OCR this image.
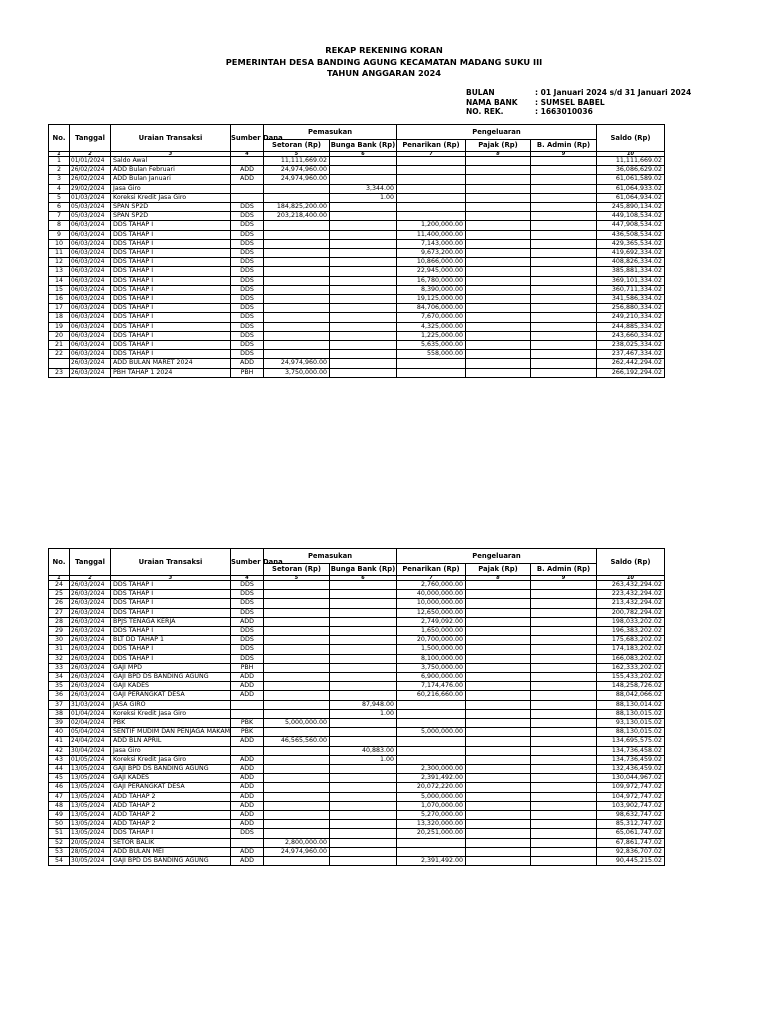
REKAP REKENING KORAN
PEMERINTAH DESA BANDING AGUNG KECAMATAN MADANG SUKU III
TAHUN ANGGARAN 2024
BULAN	: 01 Januari 2024 s/d 31 Januari 2024
NAMA BANK	: SUMSEL BABEL
NO. REK.	: 1663010036
No.	Tanggal	Uraian Transaksi	Sumber Dana	Pemasukan		Pengeluaran			Saldo (Rp)
				Setoran (Rp)	Bunga Bank (Rp)	Penarikan (Rp)	Pajak (Rp)	B. Admin (Rp)	
1	2	3	4	5	6	7	8	9	10
1	01/01/2024	Saldo Awal		11,111,669.02					11,111,669.02
2	26/02/2024	ADD Bulan Februari	ADD	24,974,960.00					36,086,629.02
3	26/02/2024	ADD Bulan Januari	ADD	24,974,960.00					61,061,589.02
4	29/02/2024	Jasa Giro			3,344.00				61,064,933.02
5	01/03/2024	Koreksi Kredit Jasa Giro			1.00				61,064,934.02
6	05/03/2024	SPAN SP2D	DDS	184,825,200.00					245,890,134.02
7	05/03/2024	SPAN SP2D	DDS	203,218,400.00					449,108,534.02
8	06/03/2024	DDS TAHAP I	DDS			1,200,000.00			447,908,534.02
9	06/03/2024	DDS TAHAP I	DDS			11,400,000.00			436,508,534.02
10	06/03/2024	DDS TAHAP I	DDS			7,143,000.00			429,365,534.02
11	06/03/2024	DDS TAHAP I	DDS			9,673,200.00			419,692,334.02
12	06/03/2024	DDS TAHAP I	DDS			10,866,000.00			408,826,334.02
13	06/03/2024	DDS TAHAP I	DDS			22,945,000.00			385,881,334.02
14	06/03/2024	DDS TAHAP I	DDS			16,780,000.00			369,101,334.02
15	06/03/2024	DDS TAHAP I	DDS			8,390,000.00			360,711,334.02
16	06/03/2024	DDS TAHAP I	DDS			19,125,000.00			341,586,334.02
17	06/03/2024	DDS TAHAP I	DDS			84,706,000.00			256,880,334.02
18	06/03/2024	DDS TAHAP I	DDS			7,670,000.00			249,210,334.02
19	06/03/2024	DDS TAHAP I	DDS			4,325,000.00			244,885,334.02
20	06/03/2024	DDS TAHAP I	DDS			1,225,000.00			243,660,334.02
21	06/03/2024	DDS TAHAP I	DDS			5,635,000.00			238,025,334.02
22	06/03/2024	DDS TAHAP I	DDS			558,000.00			237,467,334.02
	26/03/2024	ADD BULAN MARET 2024	ADD	24,974,960.00					262,442,294.02
23	26/03/2024	PBH TAHAP 1 2024	PBH	3,750,000.00					266,192,294.02
No.	Tanggal	Uraian Transaksi	Sumber Dana	Pemasukan		Pengeluaran			Saldo (Rp)
				Setoran (Rp)	Bunga Bank (Rp)	Penarikan (Rp)	Pajak (Rp)	B. Admin (Rp)	
1	2	3	4	5	6	7	8	9	10
24	26/03/2024	DDS TAHAP I	DDS			2,760,000.00			263,432,294.02
25	26/03/2024	DDS TAHAP I	DDS			40,000,000.00			223,432,294.02
26	26/03/2024	DDS TAHAP I	DDS			10,000,000.00			213,432,294.02
27	26/03/2024	DDS TAHAP I	DDS			12,650,000.00			200,782,294.02
28	26/03/2024	BPJS TENAGA KERJA	ADD			2,749,092.00			198,033,202.02
29	26/03/2024	DDS TAHAP I	DDS			1,650,000.00			196,383,202.02
30	26/03/2024	BLT DD TAHAP 1	DDS			20,700,000.00			175,683,202.02
31	26/03/2024	DDS TAHAP I	DDS			1,500,000.00			174,183,202.02
32	26/03/2024	DDS TAHAP I	DDS			8,100,000.00			166,083,202.02
33	26/03/2024	GAJI MPD	PBH			3,750,000.00			162,333,202.02
34	26/03/2024	GAJI BPD DS BANDING AGUNG	ADD			6,900,000.00			155,433,202.02
35	26/03/2024	GAJI KADES	ADD			7,174,476.00			148,258,726.02
36	26/03/2024	GAJI PERANGKAT DESA	ADD			60,216,660.00			88,042,066.02
37	31/03/2024	JASA GIRO			87,948.00				88,130,014.02
38	01/04/2024	Koreksi Kredit Jasa Giro			1.00				88,130,015.02
39	02/04/2024	PBK	PBK	5,000,000.00					93,130,015.02
40	05/04/2024	SENTIF MUDIM DAN PENJAGA MAKAM	PBK			5,000,000.00			88,130,015.02
41	24/04/2024	ADD BLN APRIL	ADD	46,565,560.00					134,695,575.02
42	30/04/2024	Jasa Giro			40,883.00				134,736,458.02
43	01/05/2024	Koreksi Kredit Jasa Giro	ADD		1.00				134,736,459.02
44	13/05/2024	GAJI BPD DS BANDING AGUNG	ADD			2,300,000.00			132,436,459.02
45	13/05/2024	GAJI KADES	ADD			2,391,492.00			130,044,967.02
46	13/05/2024	GAJI PERANGKAT DESA	ADD			20,072,220.00			109,972,747.02
47	13/05/2024	ADD TAHAP 2	ADD			5,000,000.00			104,972,747.02
48	13/05/2024	ADD TAHAP 2	ADD			1,070,000.00			103,902,747.02
49	13/05/2024	ADD TAHAP 2	ADD			5,270,000.00			98,632,747.02
50	13/05/2024	ADD TAHAP 2	ADD			13,320,000.00			85,312,747.02
51	13/05/2024	DDS TAHAP I	DDS			20,251,000.00			65,061,747.02
52	20/05/2024	SETOR BALIK		2,800,000.00					67,861,747.02
53	28/05/2024	ADD BULAN MEI	ADD	24,974,960.00					92,836,707.02
54	30/05/2024	GAJI BPD DS BANDING AGUNG	ADD			2,391,492.00			90,445,215.02
